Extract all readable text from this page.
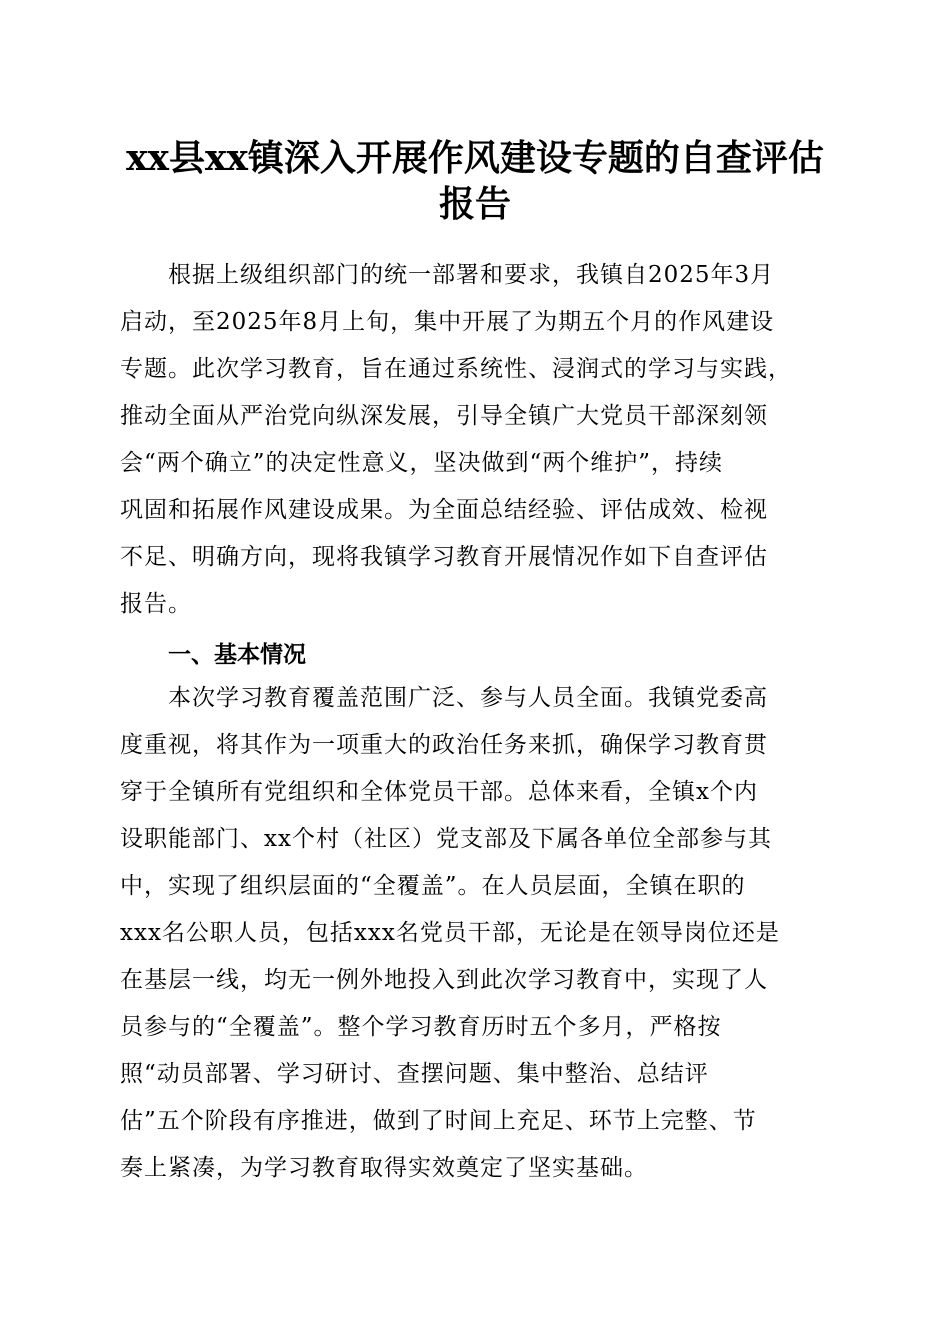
xx县xx镇深入开展作风建设专题的自查评估
报告
　　根据上级组织部门的统一部署和要求，我镇自2025年3月
启动，至2025年8月上旬，集中开展了为期五个月的作风建设
专题。此次学习教育，旨在通过系统性、浸润式的学习与实践，
推动全面从严治党向纵深发展，引导全镇广大党员干部深刻领
会“两个确立”的决定性意义，坚决做到“两个维护”，持续
巩固和拓展作风建设成果。为全面总结经验、评估成效、检视
不足、明确方向，现将我镇学习教育开展情况作如下自查评估
报告。
一、基本情况
　　本次学习教育覆盖范围广泛、参与人员全面。我镇党委高
度重视，将其作为一项重大的政治任务来抓，确保学习教育贯
穿于全镇所有党组织和全体党员干部。总体来看，全镇x个内
设职能部门、xx个村（社区）党支部及下属各单位全部参与其
中，实现了组织层面的“全覆盖”。在人员层面，全镇在职的
xxx名公职人员，包括xxx名党员干部，无论是在领导岗位还是
在基层一线，均无一例外地投入到此次学习教育中，实现了人
员参与的“全覆盖”。整个学习教育历时五个多月，严格按
照“动员部署、学习研讨、查摆问题、集中整治、总结评
估”五个阶段有序推进，做到了时间上充足、环节上完整、节
奏上紧凑，为学习教育取得实效奠定了坚实基础。
